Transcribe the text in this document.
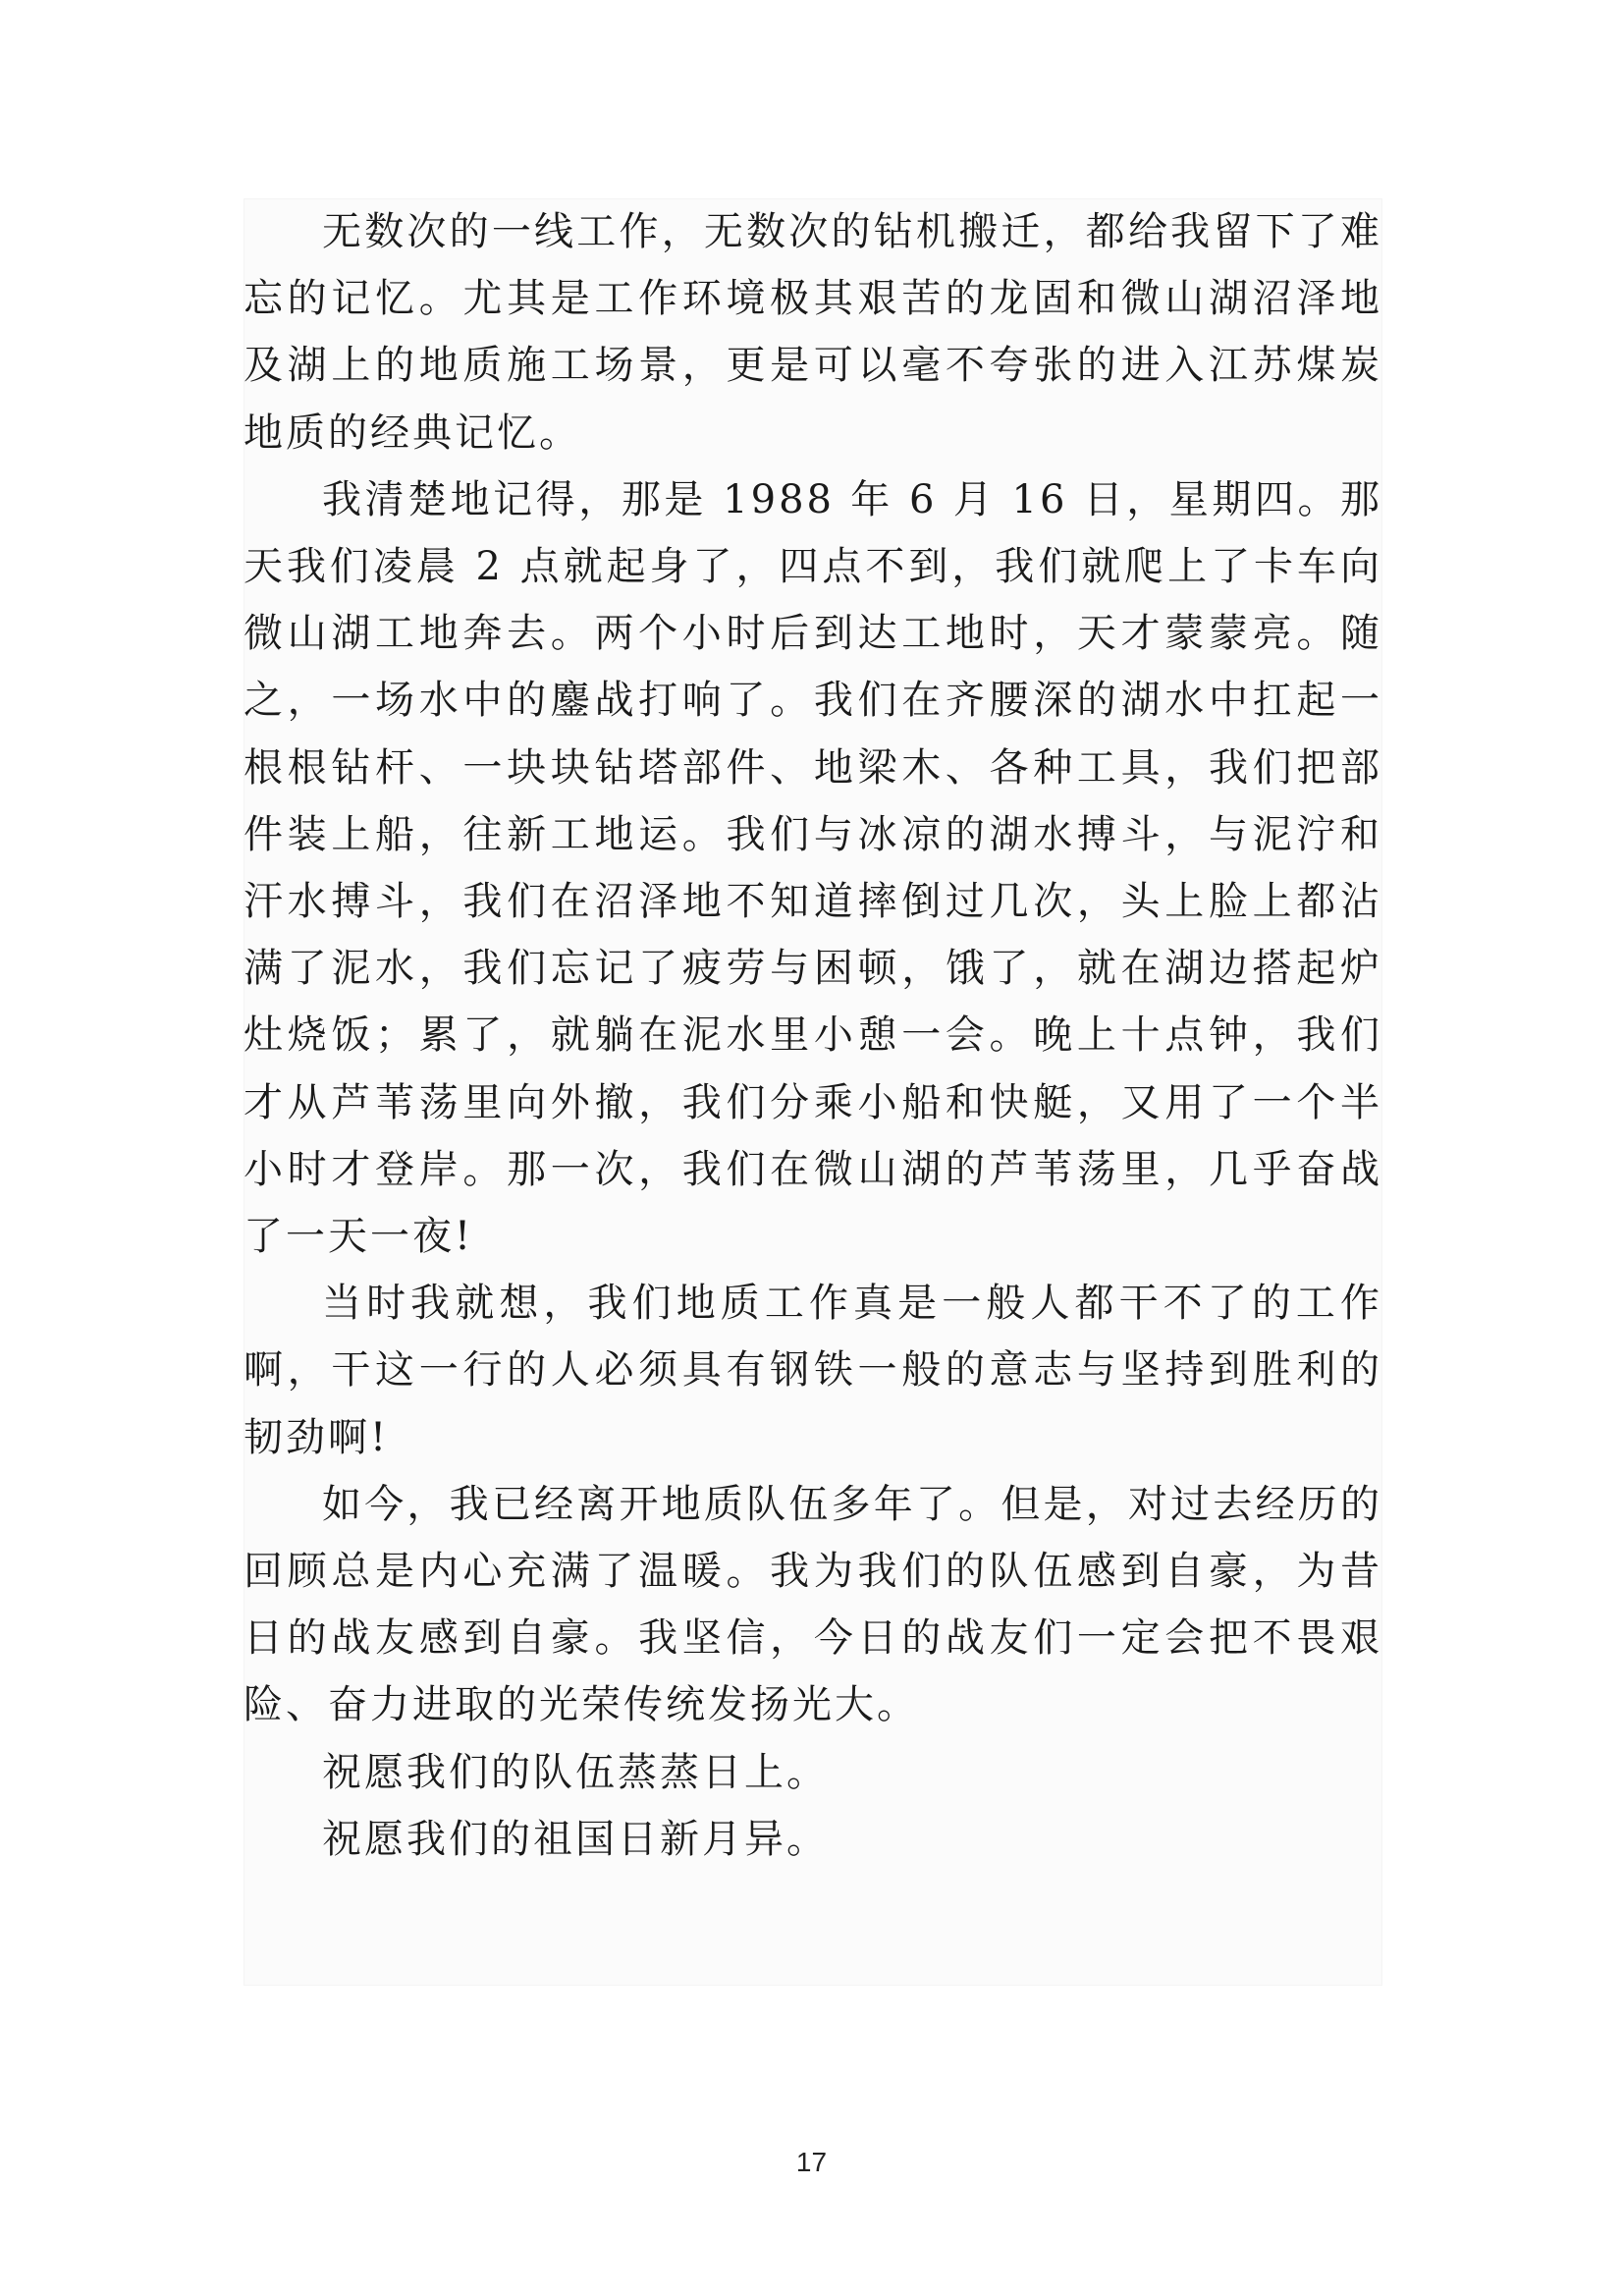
无数次的一线工作，无数次的钻机搬迁，都给我留下了难忘的记忆。尤其是工作环境极其艰苦的龙固和微山湖沼泽地及湖上的地质施工场景，更是可以毫不夸张的进入江苏煤炭地质的经典记忆。

我清楚地记得，那是 1988 年 6 月 16 日，星期四。那天我们凌晨 2 点就起身了，四点不到，我们就爬上了卡车向微山湖工地奔去。两个小时后到达工地时，天才蒙蒙亮。随之，一场水中的鏖战打响了。我们在齐腰深的湖水中扛起一根根钻杆、一块块钻塔部件、地梁木、各种工具，我们把部件装上船，往新工地运。我们与冰凉的湖水搏斗，与泥泞和汗水搏斗，我们在沼泽地不知道摔倒过几次，头上脸上都沾满了泥水，我们忘记了疲劳与困顿，饿了，就在湖边搭起炉灶烧饭；累了，就躺在泥水里小憩一会。晚上十点钟，我们才从芦苇荡里向外撤，我们分乘小船和快艇，又用了一个半小时才登岸。那一次，我们在微山湖的芦苇荡里，几乎奋战了一天一夜!

当时我就想，我们地质工作真是一般人都干不了的工作啊，干这一行的人必须具有钢铁一般的意志与坚持到胜利的韧劲啊!

如今，我已经离开地质队伍多年了。但是，对过去经历的回顾总是内心充满了温暖。我为我们的队伍感到自豪，为昔日的战友感到自豪。我坚信，今日的战友们一定会把不畏艰险、奋力进取的光荣传统发扬光大。

祝愿我们的队伍蒸蒸日上。

祝愿我们的祖国日新月异。

17
